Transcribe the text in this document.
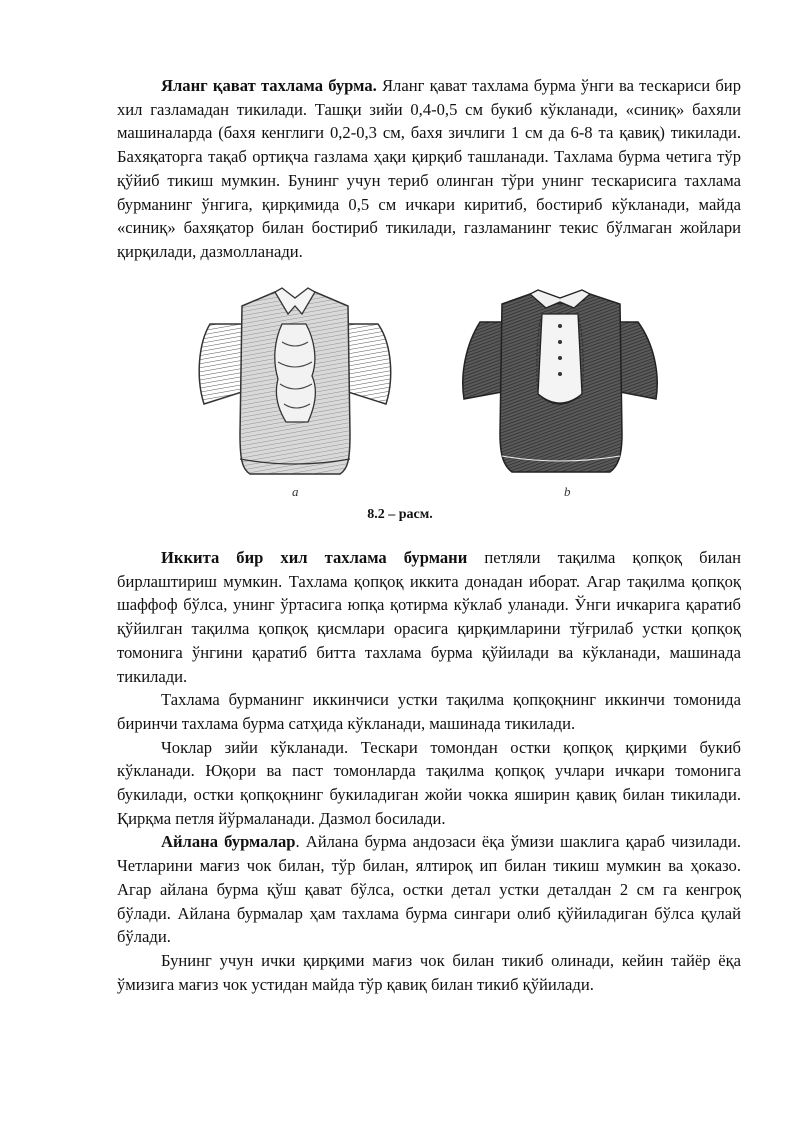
Яланг қават тахлама бурма. Яланг қават тахлама бурма ўнги ва тескариси бир хил газламадан тикилади. Ташқи зийи 0,4-0,5 см букиб кўкланади, «синиқ» бахяли машиналарда (бахя кенглиги 0,2-0,3 см, бахя зичлиги 1 см да 6-8 та қавиқ) тикилади. Бахяқаторга тақаб ортиқча газлама ҳақи қирқиб ташланади. Тахлама бурма четига тўр қўйиб тикиш мумкин. Бунинг учун териб олинган тўри унинг тескарисига тахлама бурманинг ўнгига, қирқимида 0,5 см ичкари киритиб, бостириб кўкланади, майда «синиқ» бахяқатор билан бостириб тикилади, газламанинг текис бўлмаган жойлари қирқилади, дазмолланади.

a	b
8.2 – расм.

Иккита бир хил тахлама бурмани петляли тақилма қопқоқ билан бирлаштириш мумкин. Тахлама қопқоқ иккита донадан иборат. Агар тақилма қопқоқ шаффоф бўлса, унинг ўртасига юпқа қотирма кўклаб уланади. Ўнги ичкарига қаратиб қўйилган тақилма қопқоқ қисмлари орасига қирқимларини тўғрилаб устки қопқоқ томонига ўнгини қаратиб битта тахлама бурма қўйилади ва кўкланади, машинада тикилади.

Тахлама бурманинг иккинчиси устки тақилма қопқоқнинг иккинчи томонида биринчи тахлама бурма сатҳида кўкланади, машинада тикилади.

Чоклар зийи кўкланади. Тескари томондан остки қопқоқ қирқими букиб кўкланади. Юқори ва паст томонларда тақилма қопқоқ учлари ичкари томонига букилади, остки қопқоқнинг букиладиган жойи чокка яширин қавиқ билан тикилади. Қирқма петля йўрмаланади. Дазмол босилади.

Айлана бурмалар. Айлана бурма андозаси ёқа ўмизи шаклига қараб чизилади. Четларини мағиз чок билан, тўр билан, ялтироқ ип билан тикиш мумкин ва ҳоказо. Агар айлана бурма қўш қават бўлса, остки детал устки деталдан 2 см га кенгроқ бўлади. Айлана бурмалар ҳам тахлама бурма сингари олиб қўйиладиган бўлса қулай бўлади.

Бунинг учун ички қирқими мағиз чок билан тикиб олинади, кейин тайёр ёқа ўмизига мағиз чок устидан майда тўр қавиқ билан тикиб қўйилади.
